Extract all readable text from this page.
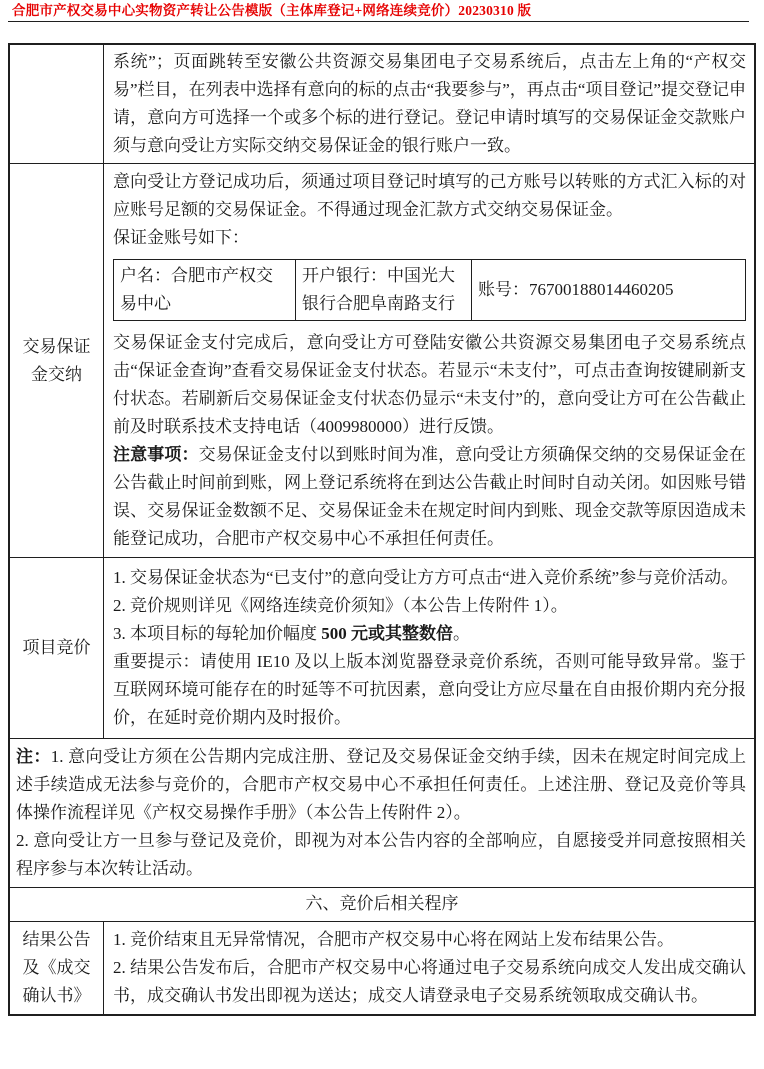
合肥市产权交易中心实物资产转让公告模版（主体库登记+网络连续竞价）20230310 版

系统”；页面跳转至安徽公共资源交易集团电子交易系统后，点击左上角的“产权交易”栏目，在列表中选择有意向的标的点击“我要参与”，再点击“项目登记”提交登记申请，意向方可选择一个或多个标的进行登记。登记申请时填写的交易保证金交款账户须与意向受让方实际交纳交易保证金的银行账户一致。

交易保证金交纳

意向受让方登记成功后，须通过项目登记时填写的己方账号以转账的方式汇入标的对应账号足额的交易保证金。不得通过现金汇款方式交纳交易保证金。

保证金账号如下：

户名：合肥市产权交易中心
开户银行：中国光大银行合肥阜南路支行
账号：76700188014460205

交易保证金支付完成后，意向受让方可登陆安徽公共资源交易集团电子交易系统点击“保证金查询”查看交易保证金支付状态。若显示“未支付”，可点击查询按键刷新支付状态。若刷新后交易保证金支付状态仍显示“未支付”的，意向受让方可在公告截止前及时联系技术支持电话（4009980000）进行反馈。

注意事项：交易保证金支付以到账时间为准，意向受让方须确保交纳的交易保证金在公告截止时间前到账，网上登记系统将在到达公告截止时间时自动关闭。如因账号错误、交易保证金数额不足、交易保证金未在规定时间内到账、现金交款等原因造成未能登记成功，合肥市产权交易中心不承担任何责任。

项目竞价

1. 交易保证金状态为“已支付”的意向受让方方可点击“进入竞价系统”参与竞价活动。

2. 竞价规则详见《网络连续竞价须知》（本公告上传附件 1）。

3. 本项目标的每轮加价幅度 500 元或其整数倍。

重要提示：请使用 IE10 及以上版本浏览器登录竞价系统，否则可能导致异常。鉴于互联网环境可能存在的时延等不可抗因素，意向受让方应尽量在自由报价期内充分报价，在延时竞价期内及时报价。

注：1. 意向受让方须在公告期内完成注册、登记及交易保证金交纳手续，因未在规定时间完成上述手续造成无法参与竞价的，合肥市产权交易中心不承担任何责任。上述注册、登记及竞价等具体操作流程详见《产权交易操作手册》（本公告上传附件 2）。

2. 意向受让方一旦参与登记及竞价，即视为对本公告内容的全部响应，自愿接受并同意按照相关程序参与本次转让活动。

六、竞价后相关程序
结果公告及《成交确认书》

1. 竞价结束且无异常情况，合肥市产权交易中心将在网站上发布结果公告。

2. 结果公告发布后，合肥市产权交易中心将通过电子交易系统向成交人发出成交确认书，成交确认书发出即视为送达；成交人请登录电子交易系统领取成交确认书。
